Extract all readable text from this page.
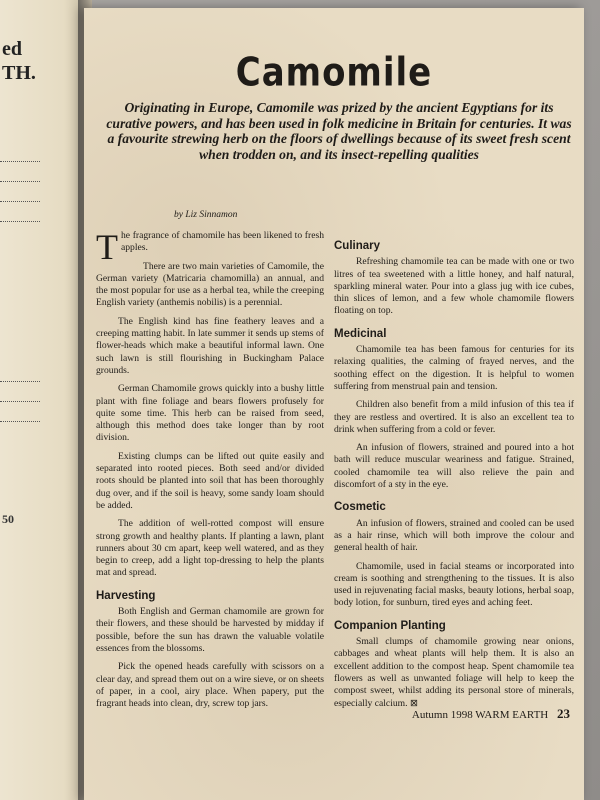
ed
TH.
50
Camomile
Originating in Europe, Camomile was prized by the ancient Egyptians for its curative powers, and has been used in folk medicine in Britain for centuries. It was a favourite strewing herb on the floors of dwellings because of its sweet fresh scent when trodden on, and its insect-repelling qualities
by Liz Sinnamon

The fragrance of chamomile has been likened to fresh apples.

There are two main varieties of Camomile, the German variety (Matricaria chamomilla) an annual, and the most popular for use as a herbal tea, while the creeping English variety (anthemis nobilis) is a perennial.

The English kind has fine feathery leaves and a creeping matting habit. In late summer it sends up stems of flower-heads which make a beautiful informal lawn. One such lawn is still flourishing in Buckingham Palace grounds.

German Chamomile grows quickly into a bushy little plant with fine foliage and bears flowers profusely for quite some time. This herb can be raised from seed, although this method does take longer than by root division.

Existing clumps can be lifted out quite easily and separated into rooted pieces. Both seed and/or divided roots should be planted into soil that has been thoroughly dug over, and if the soil is heavy, some sandy loam should be added.

The addition of well-rotted compost will ensure strong growth and healthy plants. If planting a lawn, plant runners about 30 cm apart, keep well watered, and as they begin to creep, add a light top-dressing to help the plants mat and spread.

Harvesting

Both English and German chamomile are grown for their flowers, and these should be harvested by midday if possible, before the sun has drawn the valuable volatile essences from the blossoms.

Pick the opened heads carefully with scissors on a clear day, and spread them out on a wire sieve, or on sheets of paper, in a cool, airy place. When papery, put the fragrant heads into clean, dry, screw top jars.

Culinary

Refreshing chamomile tea can be made with one or two litres of tea sweetened with a little honey, and half natural, sparkling mineral water. Pour into a glass jug with ice cubes, thin slices of lemon, and a few whole chamomile flowers floating on top.

Medicinal

Chamomile tea has been famous for centuries for its relaxing qualities, the calming of frayed nerves, and the soothing effect on the digestion. It is helpful to women suffering from menstrual pain and tension.

Children also benefit from a mild infusion of this tea if they are restless and overtired. It is also an excellent tea to drink when suffering from a cold or fever.

An infusion of flowers, strained and poured into a hot bath will reduce muscular weariness and fatigue. Strained, cooled chamomile tea will also relieve the pain and discomfort of a sty in the eye.

Cosmetic

An infusion of flowers, strained and cooled can be used as a hair rinse, which will both improve the colour and general health of hair.

Chamomile, used in facial steams or incorporated into cream is soothing and strengthening to the tissues. It is also used in rejuvenating facial masks, beauty lotions, herbal soap, body lotion, for sunburn, tired eyes and aching feet.

Companion Planting

Small clumps of chamomile growing near onions, cabbages and wheat plants will help them. It is also an excellent addition to the compost heap. Spent chamomile tea flowers as well as unwanted foliage will help to keep the compost sweet, whilst adding its personal store of minerals, especially calcium. ⊠

Autumn 1998 WARM EARTH 23
